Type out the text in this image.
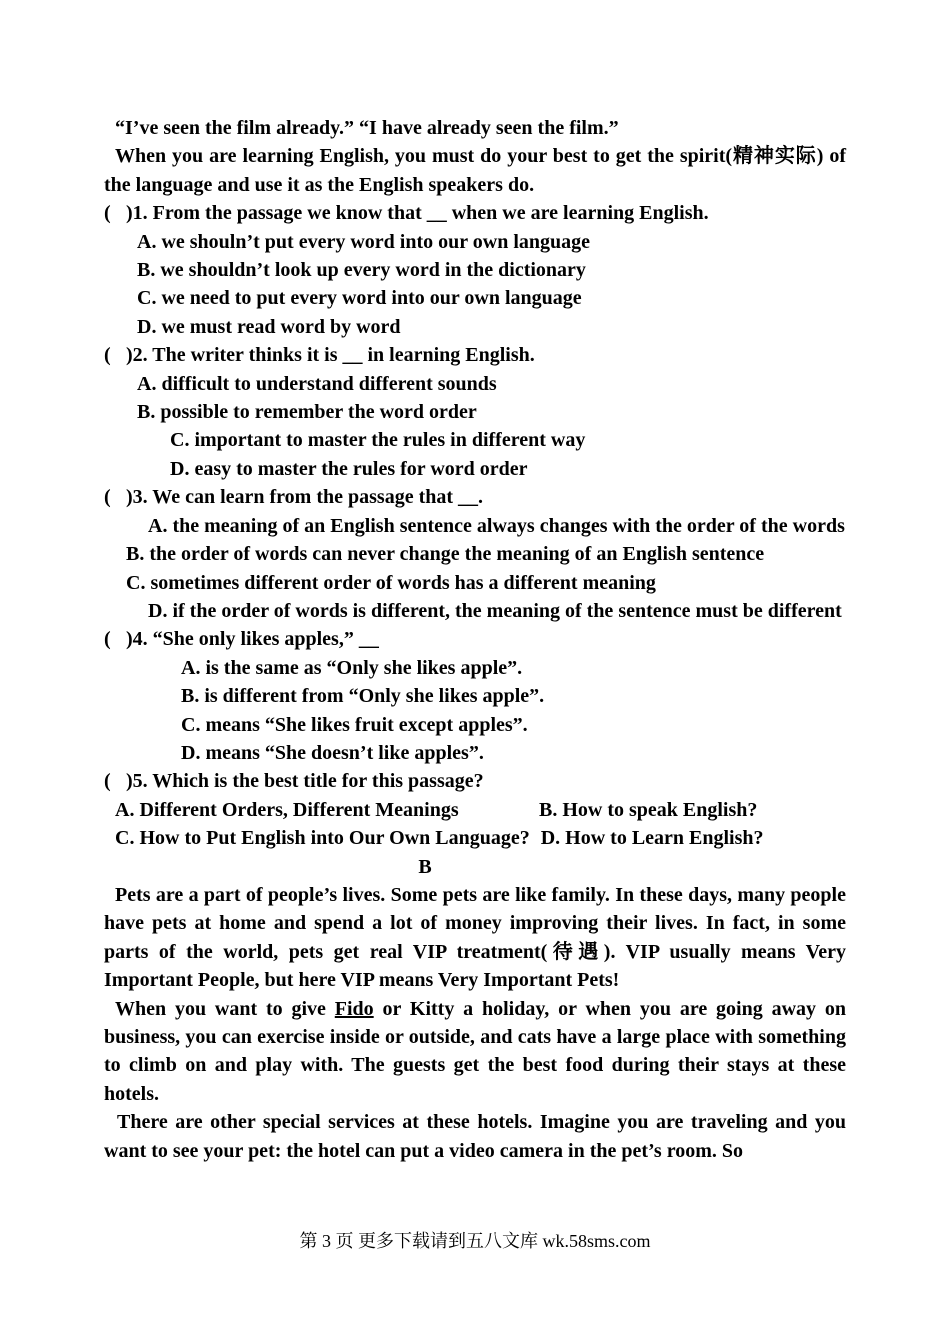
“I’ve seen the film already.” “I have already seen the film.”

When you are learning English, you must do your best to get the spirit(精神实际) of the language and use it as the English speakers do.

( )1. From the passage we know that __ when we are learning English.

A. we shouln’t put every word into our own language

B. we shouldn’t look up every word in the dictionary

C. we need to put every word into our own language

D. we must read word by word

( )2. The writer thinks it is __ in learning English.

A. difficult to understand different sounds

B. possible to remember the word order

C. important to master the rules in different way

D. easy to master the rules for word order

( )3. We can learn from the passage that __.

A. the meaning of an English sentence always changes with the order of the words

B. the order of words can never change the meaning of an English sentence

C. sometimes different order of words has a different meaning

D. if the order of words is different, the meaning of the sentence must be different

( )4. “She only likes apples,” __

A. is the same as “Only she likes apple”.

B. is different from “Only she likes apple”.

C. means “She likes fruit except apples”.

D. means “She doesn’t like apples”.

( )5. Which is the best title for this passage?

A. Different Orders, Different Meanings	B. How to speak English?
C. How to Put English into Our Own Language? D. How to Learn English?

B

Pets are a part of people’s lives. Some pets are like family. In these days, many people have pets at home and spend a lot of money improving their lives. In fact, in some parts of the world, pets get real VIP treatment(待遇). VIP usually means Very Important People, but here VIP means Very Important Pets!

When you want to give Fido or Kitty a holiday, or when you are going away on business, you can exercise inside or outside, and cats have a large place with something to climb on and play with. The guests get the best food during their stays at these hotels.

There are other special services at these hotels. Imagine you are traveling and you want to see your pet: the hotel can put a video camera in the pet’s room. So

第 3 页 更多下载请到五八文库 wk.58sms.com
